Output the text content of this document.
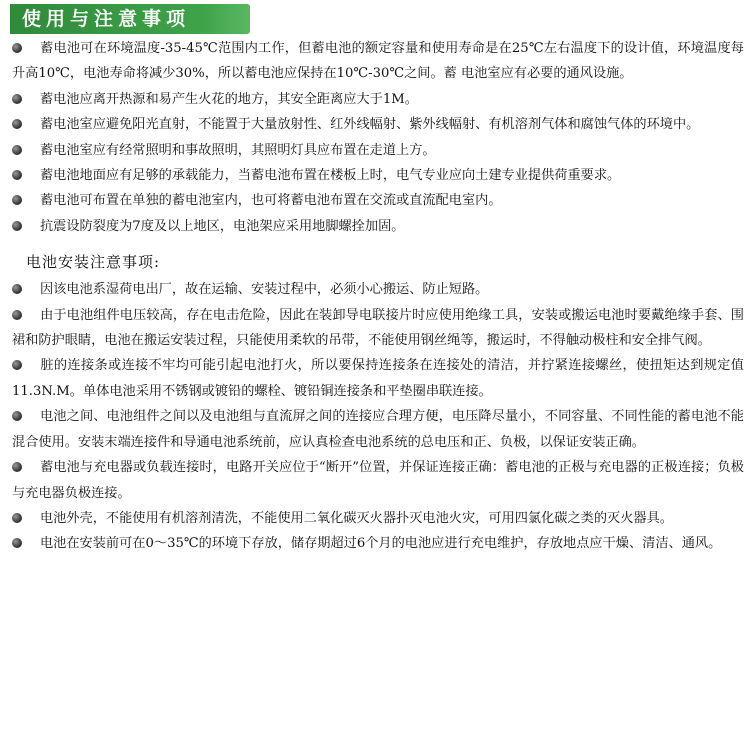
使用与注意事项
蓄电池可在环境温度-35-45℃范围内工作，但蓄电池的额定容量和使用寿命是在25℃左右温度下的设计值，环境温度每升高10℃，电池寿命将减少30%，所以蓄电池应保持在10℃-30℃之间。蓄 电池室应有必要的通风设施。
蓄电池应离开热源和易产生火花的地方，其安全距离应大于1M。
蓄电池室应避免阳光直射，不能置于大量放射性、红外线幅射、紫外线幅射、有机溶剂气体和腐蚀气体的环境中。
蓄电池室应有经常照明和事故照明，其照明灯具应布置在走道上方。
蓄电池地面应有足够的承载能力，当蓄电池布置在楼板上时，电气专业应向土建专业提供荷重要求。
蓄电池可布置在单独的蓄电池室内，也可将蓄电池布置在交流或直流配电室内。
抗震设防裂度为7度及以上地区，电池架应采用地脚螺拴加固。
电池安装注意事项:
因该电池系湿荷电出厂，故在运输、安装过程中，必须小心搬运、防止短路。
由于电池组件电压较高，存在电击危险，因此在装卸导电联接片时应使用绝缘工具，安装或搬运电池时要戴绝缘手套、围裙和防护眼睛，电池在搬运安装过程，只能使用柔软的吊带，不能使用钢丝绳等，搬运时，不得触动极柱和安全排气阀。
脏的连接条或连接不牢均可能引起电池打火，所以要保持连接条在连接处的清洁，并拧紧连接螺丝，使扭矩达到规定值11.3N.M。单体电池采用不锈钢或镀铅的螺栓、镀铅铜连接条和平垫圈串联连接。
电池之间、电池组件之间以及电池组与直流屏之间的连接应合理方便，电压降尽量小，不同容量、不同性能的蓄电池不能混合使用。安装末端连接件和导通电池系统前，应认真检查电池系统的总电压和正、负极，以保证安装正确。
蓄电池与充电器或负载连接时，电路开关应位于“断开”位置，并保证连接正确：蓄电池的正极与充电器的正极连接；负极与充电器负极连接。
电池外壳，不能使用有机溶剂清洗，不能使用二氧化碳灭火器扑灭电池火灾，可用四氯化碳之类的灭火器具。
电池在安装前可在0～35℃的环境下存放，储存期超过6个月的电池应进行充电维护，存放地点应干燥、清洁、通风。
